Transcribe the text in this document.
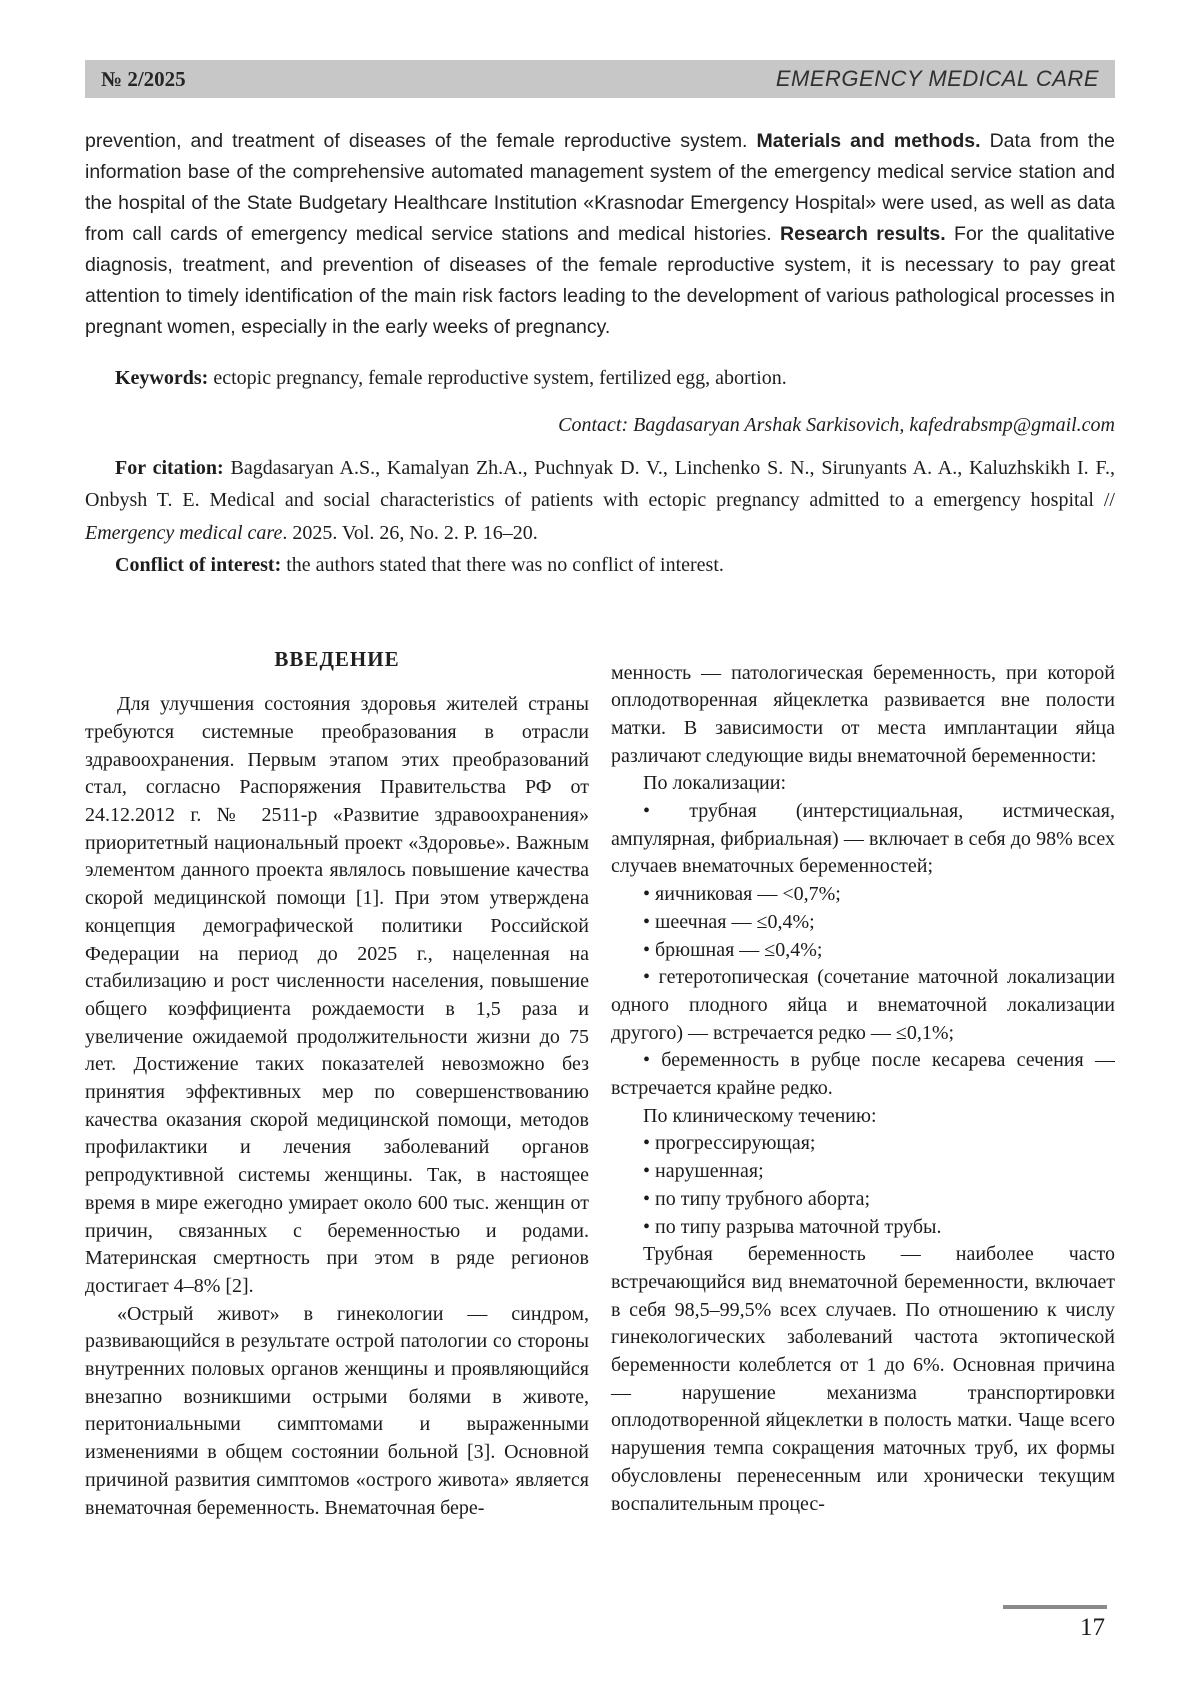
№ 2/2025	EMERGENCY MEDICAL CARE

prevention, and treatment of diseases of the female reproductive system. Materials and methods. Data from the information base of the comprehensive automated management system of the emergency medical service station and the hospital of the State Budgetary Healthcare Institution «Krasnodar Emergency Hospital» were used, as well as data from call cards of emergency medical service stations and medical histories. Research results. For the qualitative diagnosis, treatment, and prevention of diseases of the female reproductive system, it is necessary to pay great attention to timely identification of the main risk factors leading to the development of various pathological processes in pregnant women, especially in the early weeks of pregnancy.

Keywords: ectopic pregnancy, female reproductive system, fertilized egg, abortion.

Contact: Bagdasaryan Arshak Sarkisovich, kafedrabsmp@gmail.com

For citation: Bagdasaryan A.S., Kamalyan Zh.A., Puchnyak D. V., Linchenko S. N., Sirunyants A. A., Kaluzhskikh I. F., Onbysh T. E. Medical and social characteristics of patients with ectopic pregnancy admitted to a emergency hospital // Emergency medical care. 2025. Vol. 26, No. 2. P. 16–20.

Conflict of interest: the authors stated that there was no conflict of interest.

ВВЕДЕНИЕ

Для улучшения состояния здоровья жителей страны требуются системные преобразования в отрасли здравоохранения. Первым этапом этих преобразований стал, согласно Распоряжения Правительства РФ от 24.12.2012 г. № 2511-р «Развитие здравоохранения» приоритетный национальный проект «Здоровье». Важным элементом данного проекта являлось повышение качества скорой медицинской помощи [1]. При этом утверждена концепция демографической политики Российской Федерации на период до 2025 г., нацеленная на стабилизацию и рост численности населения, повышение общего коэффициента рождаемости в 1,5 раза и увеличение ожидаемой продолжительности жизни до 75 лет. Достижение таких показателей невозможно без принятия эффективных мер по совершенствованию качества оказания скорой медицинской помощи, методов профилактики и лечения заболеваний органов репродуктивной системы женщины. Так, в настоящее время в мире ежегодно умирает около 600 тыс. женщин от причин, связанных с беременностью и родами. Материнская смертность при этом в ряде регионов достигает 4–8% [2].

«Острый живот» в гинекологии — синдром, развивающийся в результате острой патологии со стороны внутренних половых органов женщины и проявляющийся внезапно возникшими острыми болями в животе, перитониальными симптомами и выраженными изменениями в общем состоянии больной [3]. Основной причиной развития симптомов «острого живота» является внематочная беременность. Внематочная бере-

менность — патологическая беременность, при которой оплодотворенная яйцеклетка развивается вне полости матки. В зависимости от места имплантации яйца различают следующие виды внематочной беременности:

По локализации:

• трубная (интерстициальная, истмическая, ампулярная, фибриальная) — включает в себя до 98% всех случаев внематочных беременностей;

• яичниковая — <0,7%;

• шеечная — ≤0,4%;

• брюшная — ≤0,4%;

• гетеротопическая (сочетание маточной локализации одного плодного яйца и внематочной локализации другого) — встречается редко — ≤0,1%;

• беременность в рубце после кесарева сечения — встречается крайне редко.

По клиническому течению:

• прогрессирующая;

• нарушенная;

• по типу трубного аборта;

• по типу разрыва маточной трубы.

Трубная беременность — наиболее часто встречающийся вид внематочной беременности, включает в себя 98,5–99,5% всех случаев. По отношению к числу гинекологических заболеваний частота эктопической беременности колеблется от 1 до 6%. Основная причина — нарушение механизма транспортировки оплодотворенной яйцеклетки в полость матки. Чаще всего нарушения темпа сокращения маточных труб, их формы обусловлены перенесенным или хронически текущим воспалительным процес-

17
